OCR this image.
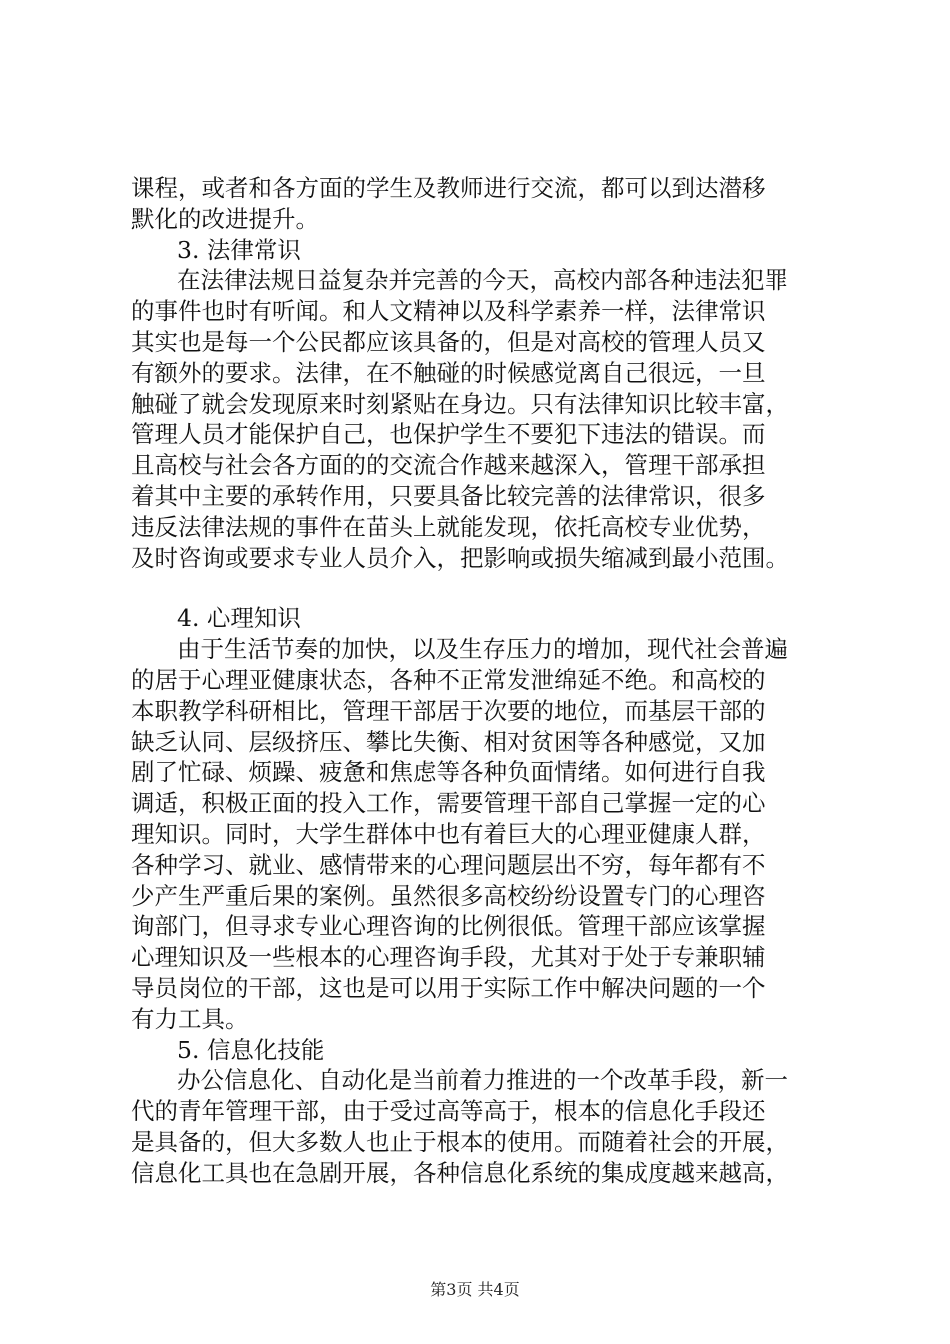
课程，或者和各方面的学生及教师进行交流，都可以到达潜移

默化的改进提升。

3. 法律常识

在法律法规日益复杂并完善的今天，高校内部各种违法犯罪

的事件也时有听闻。和人文精神以及科学素养一样，法律常识

其实也是每一个公民都应该具备的，但是对高校的管理人员又

有额外的要求。法律，在不触碰的时候感觉离自己很远，一旦

触碰了就会发现原来时刻紧贴在身边。只有法律知识比较丰富，

管理人员才能保护自己，也保护学生不要犯下违法的错误。而

且高校与社会各方面的的交流合作越来越深入，管理干部承担

着其中主要的承转作用，只要具备比较完善的法律常识，很多

违反法律法规的事件在苗头上就能发现，依托高校专业优势，

及时咨询或要求专业人员介入，把影响或损失缩减到最小范围。

4. 心理知识

由于生活节奏的加快，以及生存压力的增加，现代社会普遍

的居于心理亚健康状态，各种不正常发泄绵延不绝。和高校的

本职教学科研相比，管理干部居于次要的地位，而基层干部的

缺乏认同、层级挤压、攀比失衡、相对贫困等各种感觉，又加

剧了忙碌、烦躁、疲惫和焦虑等各种负面情绪。如何进行自我

调适，积极正面的投入工作，需要管理干部自己掌握一定的心

理知识。同时，大学生群体中也有着巨大的心理亚健康人群，

各种学习、就业、感情带来的心理问题层出不穷，每年都有不

少产生严重后果的案例。虽然很多高校纷纷设置专门的心理咨

询部门，但寻求专业心理咨询的比例很低。管理干部应该掌握

心理知识及一些根本的心理咨询手段，尤其对于处于专兼职辅

导员岗位的干部，这也是可以用于实际工作中解决问题的一个

有力工具。

5. 信息化技能

办公信息化、自动化是当前着力推进的一个改革手段，新一

代的青年管理干部，由于受过高等高于，根本的信息化手段还

是具备的，但大多数人也止于根本的使用。而随着社会的开展，

信息化工具也在急剧开展，各种信息化系统的集成度越来越高，

第3页 共4页
